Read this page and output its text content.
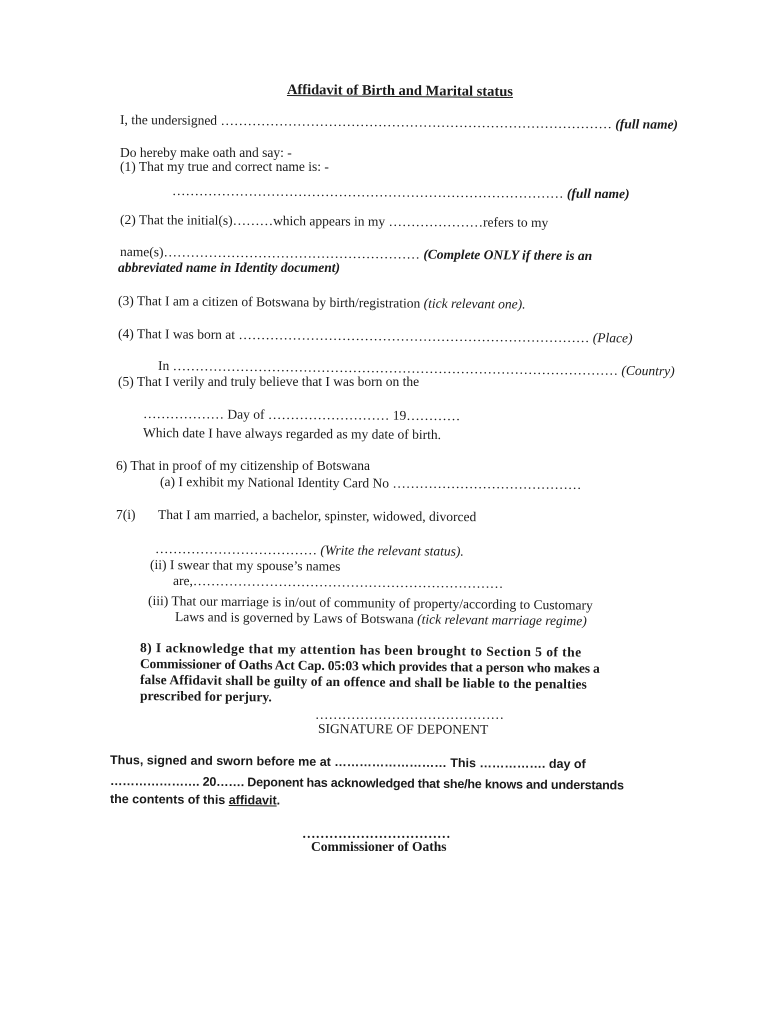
Affidavit of Birth and Marital status
I, the undersigned …………………………………………………………………………… (full name)
Do hereby make oath and say: -
(1) That my true and correct name is: -
…………………………………………………………………………… (full name)
(2) That the initial(s)………which appears in my …………………refers to my
name(s)………………………………………………… (Complete ONLY if there is an
abbreviated name in Identity document)
(3) That I am a citizen of Botswana by birth/registration (tick relevant one).
(4) That I was born at …………………………………………………………………… (Place)
In ……………………………………………………………………………………… (Country)
(5) That I verily and truly believe that I was born on the
……………… Day of ……………………… 19…………
Which date I have always regarded as my date of birth.
6) That in proof of my citizenship of Botswana
(a) I exhibit my National Identity Card No ……………………………………
7(i) That I am married, a bachelor, spinster, widowed, divorced
……………………………… (Write the relevant status).
(ii) I swear that my spouse’s names
are,……………………………………………………………
(iii) That our marriage is in/out of community of property/according to Customary
Laws and is governed by Laws of Botswana (tick relevant marriage regime)
8) I acknowledge that my attention has been brought to Section 5 of the
Commissioner of Oaths Act Cap. 05:03 which provides that a person who makes a
false Affidavit shall be guilty of an offence and shall be liable to the penalties
prescribed for perjury.
……………………………………
SIGNATURE OF DEPONENT
Thus, signed and sworn before me at ……………………… This ……………. day of
…………………. 20……. Deponent has acknowledged that she/he knows and understands
the contents of this affidavit.
……………………………
Commissioner of Oaths
